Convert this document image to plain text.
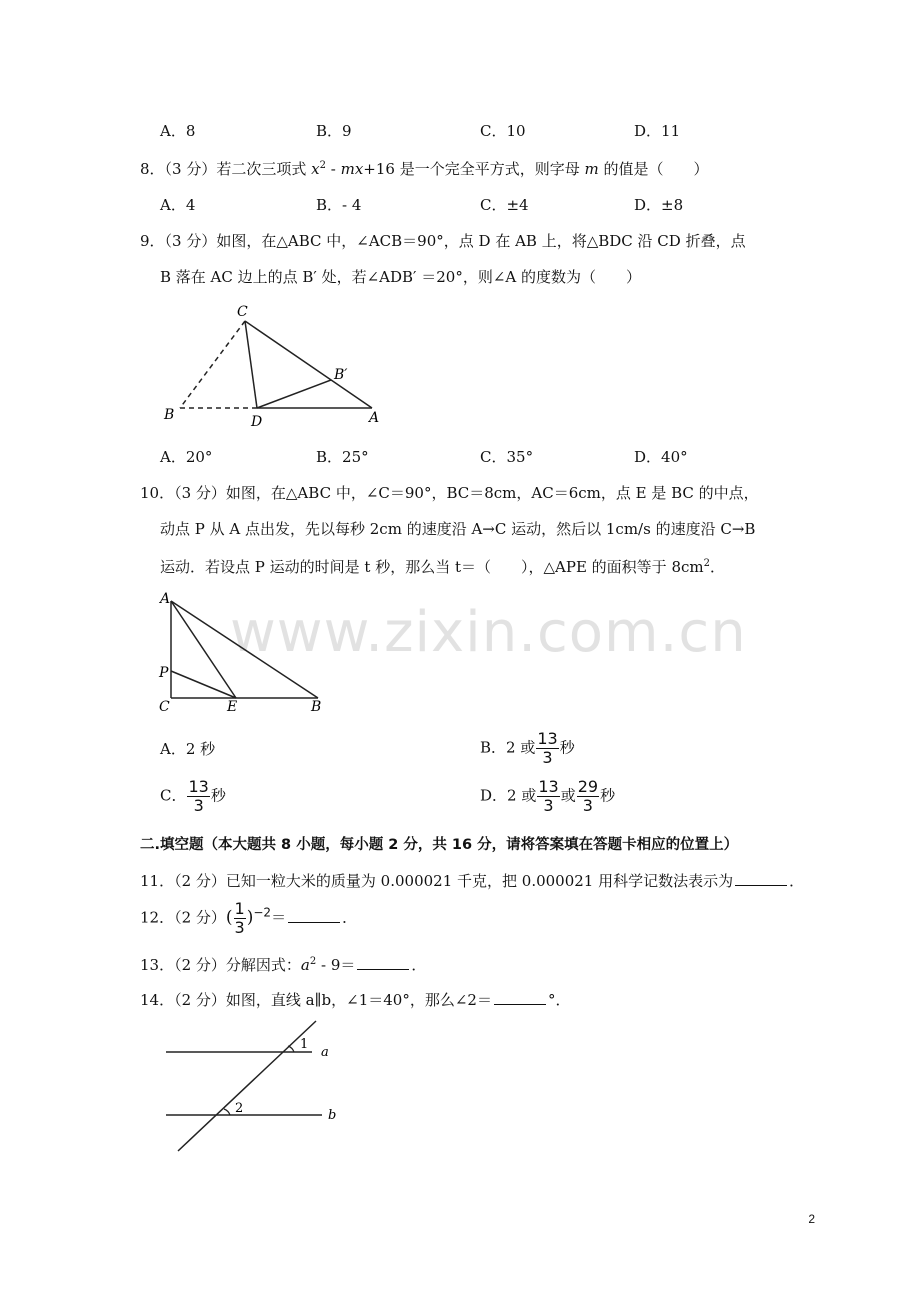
A．8	B．9	C．10	D．11
8．（3 分）若二次三项式 $x^2 - mx+16$ 是一个完全平方式，则字母 m 的值是（　　）
A．4	B．- 4	C．±4	D．±8
9．（3 分）如图，在△ABC 中，∠ACB＝90°，点 D 在 AB 上，将△BDC 沿 CD 折叠，点
B 落在 AC 边上的点 B′ 处，若∠ADB′ ＝20°，则∠A 的度数为（　　）
C
B	D	A
B′
A．20°	B．25°	C．35°	D．40°
10．（3 分）如图，在△ABC 中，∠C＝90°，BC＝8cm，AC＝6cm，点 E 是 BC 的中点，
动点 P 从 A 点出发，先以每秒 2cm 的速度沿 A→C 运动，然后以 1cm/s 的速度沿 C→B
运动．若设点 P 运动的时间是 t 秒，那么当 t＝（　　），△APE 的面积等于 $8cm^2$．
www.zixin.com.cn
A
P
C	E	B
A．2 秒	B．2 或 $\frac{13}{3}$ 秒
C． $\frac{13}{3}$ 秒	D．2 或 $\frac{13}{3}$ 或 $\frac{29}{3}$ 秒
二.填空题（本大题共 8 小题，每小题 2 分，共 16 分，请将答案填在答题卡相应的位置上）
11．（2 分）已知一粒大米的质量为 0.000021 千克，把 0.000021 用科学记数法表示为	．
12．（2 分）( $\frac{1}{3} )^{-2}=$	．
13．（2 分）分解因式：$a^2 - 9=$	．
14．（2 分）如图，直线 a∥b，∠1＝40°，那么∠2＝	°．
1
a
2	b
2
